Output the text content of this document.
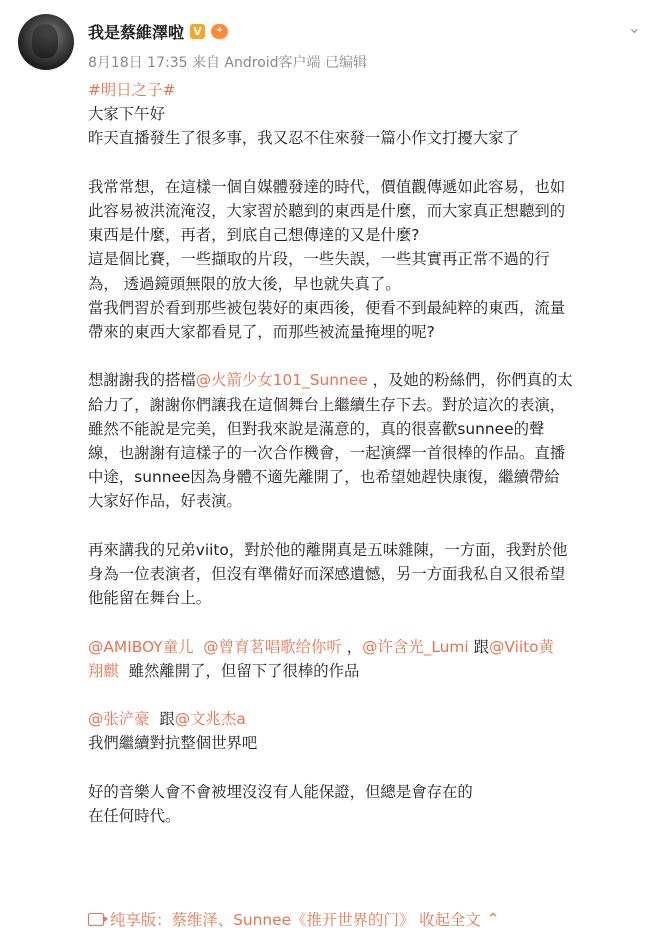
我是蔡維澤啦 V	✦	⌄
8月18日 17:35 来自 Android客户端 已编辑

#明日之子#

大家下午好

昨天直播發生了很多事，我又忍不住來發一篇小作文打擾大家了

我常常想，在這樣一個自媒體發達的時代，價值觀傳遞如此容易，也如

此容易被洪流淹沒，大家習於聽到的東西是什麼，而大家真正想聽到的

東西是什麼，再者，到底自己想傳達的又是什麼?

這是個比賽，一些擷取的片段，一些失誤，一些其實再正常不過的行

為， 透過鏡頭無限的放大後，早也就失真了。

當我們習於看到那些被包裝好的東西後，便看不到最純粹的東西，流量

帶來的東西大家都看見了，而那些被流量掩埋的呢?

想謝謝我的搭檔@火箭少女101_Sunnee ，及她的粉絲們，你們真的太

給力了，謝謝你們讓我在這個舞台上繼續生存下去。對於這次的表演，

雖然不能說是完美，但對我來說是滿意的，真的很喜歡sunnee的聲

線，也謝謝有這樣子的一次合作機會，一起演繹一首很棒的作品。直播

中途，sunnee因為身體不適先離開了，也希望她趕快康復，繼續帶給

大家好作品，好表演。

再來講我的兄弟viito，對於他的離開真是五味雜陳，一方面，我對於他

身為一位表演者，但沒有準備好而深感遺憾，另一方面我私自又很希望

他能留在舞台上。

@AMIBOY童儿 @曾育茗唱歌给你听 ，@许含光_Lumi 跟@Viito黄

翔麒  雖然離開了，但留下了很棒的作品

@张浐豪  跟@文兆杰a

我們繼續對抗整個世界吧

好的音樂人會不會被埋沒沒有人能保證，但總是會存在的

在任何時代。

纯享版：蔡维泽、Sunnee《推开世界的门》 收起全文 ⌃
